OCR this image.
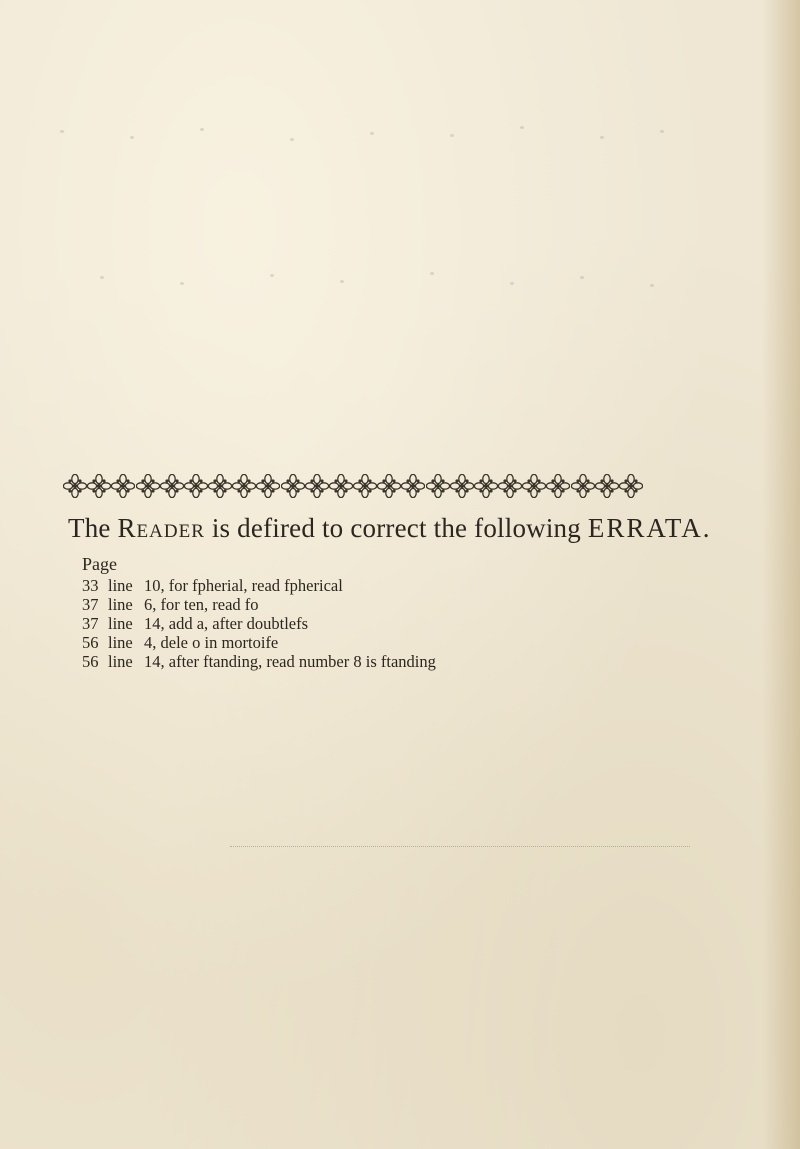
The Reader is defired to correct the following ERRATA.
Page
33 line 10, for fpherial, read fpherical
37 line 6, for ten, read fo
37 line 14, add a, after doubtlefs
56 line 4, dele o in mortoife
56 line 14, after ftanding, read number 8 is ftanding
